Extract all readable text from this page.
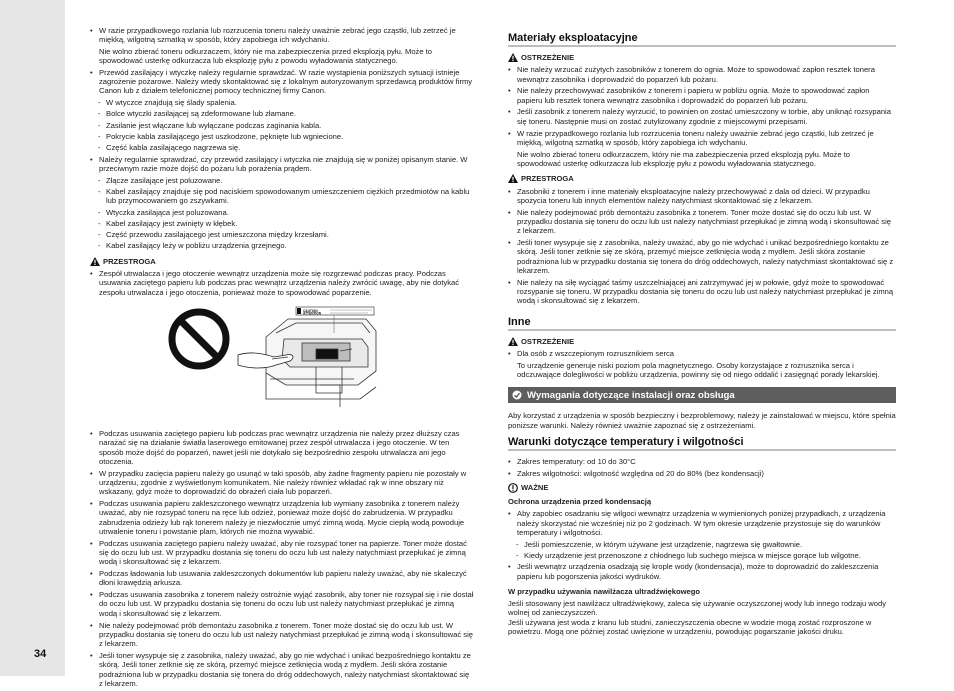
34
• W razie przypadkowego rozlania lub rozrzucenia toneru należy uważnie zebrać jego cząstki, lub zetrzeć je miękką, wilgotną szmatką w sposób, który zapobiega ich wdychaniu.
Nie wolno zbierać toneru odkurzaczem, który nie ma zabezpieczenia przed eksplozją pyłu. Może to spowodować usterkę odkurzacza lub eksplozję pyłu z powodu wyładowania statycznego.
• Przewód zasilający i wtyczkę należy regularnie sprawdzać. W razie wystąpienia poniższych sytuacji istnieje zagrożenie pożarowe. Należy wtedy skontaktować się z lokalnym autoryzowanym sprzedawcą produktów firmy Canon lub z działem telefonicznej pomocy technicznej firmy Canon.
- W wtyczce znajdują się ślady spalenia.
- Bolce wtyczki zasilającej są zdeformowane lub złamane.
- Zasilanie jest włączane lub wyłączane podczas zaginania kabla.
- Pokrycie kabla zasilającego jest uszkodzone, pęknięte lub wgniecione.
- Część kabla zasilającego nagrzewa się.
• Należy regularnie sprawdzać, czy przewód zasilający i wtyczka nie znajdują się w poniżej opisanym stanie. W przeciwnym razie może dojść do pożaru lub porażenia prądem.
- Złącze zasilające jest poluzowane.
- Kabel zasilający znajduje się pod naciskiem spowodowanym umieszczeniem ciężkich przedmiotów na kablu lub przymocowaniem go zszywkami.
- Wtyczka zasilająca jest poluzowana.
- Kabel zasilający jest zwinięty w kłębek.
- Część przewodu zasilającego jest umieszczona między krzesłami.
- Kabel zasilający leży w pobliżu urządzenia grzejnego.
PRZESTROGA
• Zespół utrwalacza i jego otoczenie wewnątrz urządzenia może się rozgrzewać podczas pracy. Podczas usuwania zaciętego papieru lub podczas prac wewnątrz urządzenia należy zwrócić uwagę, aby nie dotykać zespołu utrwalacza i jego otoczenia, ponieważ może to spowodować poparzenie.
CAUTION
ATTENTION
• Podczas usuwania zaciętego papieru lub podczas prac wewnątrz urządzenia nie należy przez dłuższy czas narażać się na działanie światła laserowego emitowanej przez zespół utrwalacza i jego otoczenie. W ten sposób może dojść do poparzeń, nawet jeśli nie dotykało się bezpośrednio zespołu utrwalacza ani jego otoczenia.
• W przypadku zacięcia papieru należy go usunąć w taki sposób, aby żadne fragmenty papieru nie pozostały w urządzeniu, zgodnie z wyświetlonym komunikatem. Nie należy również wkładać rąk w inne obszary niż wskazany, gdyż może to doprowadzić do obrażeń ciała lub poparzeń.
• Podczas usuwania papieru zakleszczonego wewnątrz urządzenia lub wymiany zasobnika z tonerem należy uważać, aby nie rozsypać toneru na ręce lub odzież, ponieważ może dojść do zabrudzenia. W przypadku zabrudzenia odzieży lub rąk tonerem należy je niezwłocznie umyć zimną wodą. Mycie ciepłą wodą powoduje utrwalenie toneru i powstanie plam, których nie można wywabić.
• Podczas usuwania zaciętego papieru należy uważać, aby nie rozsypać toner na papierze. Toner może dostać się do oczu lub ust. W przypadku dostania się toneru do oczu lub ust należy natychmiast przepłukać je zimną wodą i skonsultować się z lekarzem.
• Podczas ładowania lub usuwania zakleszczonych dokumentów lub papieru należy uważać, aby nie skaleczyć dłoni krawędzią arkusza.
• Podczas usuwania zasobnika z tonerem należy ostrożnie wyjąć zasobnik, aby toner nie rozsypał się i nie dostał do oczu lub ust. W przypadku dostania się toneru do oczu lub ust należy natychmiast przepłukać je zimną wodą i skonsultować się z lekarzem.
• Nie należy podejmować prób demontażu zasobnika z tonerem. Toner może dostać się do oczu lub ust. W przypadku dostania się toneru do oczu lub ust należy natychmiast przepłukać je zimną wodą i skonsultować się z lekarzem.
• Jeśli toner wysypuje się z zasobnika, należy uważać, aby go nie wdychać i unikać bezpośredniego kontaktu ze skórą. Jeśli toner zetknie się ze skórą, przemyć miejsce zetknięcia wodą z mydłem. Jeśli skóra zostanie podrażniona lub w przypadku dostania się tonera do dróg oddechowych, należy natychmiast skontaktować się z lekarzem.
Materiały eksploatacyjne
OSTRZEŻENIE
• Nie należy wrzucać zużytych zasobników z tonerem do ognia. Może to spowodować zapłon resztek tonera wewnątrz zasobnika i doprowadzić do poparzeń lub pożaru.
• Nie należy przechowywać zasobników z tonerem i papieru w pobliżu ognia. Może to spowodować zapłon papieru lub resztek tonera wewnątrz zasobnika i doprowadzić do poparzeń lub pożaru.
• Jeśli zasobnik z tonerem należy wyrzucić, to powinien on zostać umieszczony w torbie, aby uniknąć rozsypania się toneru. Następnie musi on zostać zutylizowany zgodnie z miejscowymi przepisami.
• W razie przypadkowego rozlania lub rozrzucenia toneru należy uważnie zebrać jego cząstki, lub zetrzeć je miękką, wilgotną szmatką w sposób, który zapobiega ich wdychaniu.
Nie wolno zbierać toneru odkurzaczem, który nie ma zabezpieczenia przed eksplozją pyłu. Może to spowodować usterkę odkurzacza lub eksplozję pyłu z powodu wyładowania statycznego.
PRZESTROGA
• Zasobniki z tonerem i inne materiały eksploatacyjne należy przechowywać z dala od dzieci. W przypadku spożycia toneru lub innych elementów należy natychmiast skontaktować się z lekarzem.
• Nie należy podejmować prób demontażu zasobnika z tonerem. Toner może dostać się do oczu lub ust. W przypadku dostania się toneru do oczu lub ust należy natychmiast przepłukać je zimną wodą i skonsultować się z lekarzem.
• Jeśli toner wysypuje się z zasobnika, należy uważać, aby go nie wdychać i unikać bezpośredniego kontaktu ze skórą. Jeśli toner zetknie się ze skórą, przemyć miejsce zetknięcia wodą z mydłem. Jeśli skóra zostanie podrażniona lub w przypadku dostania się tonera do dróg oddechowych, należy natychmiast skontaktować się z lekarzem.
• Nie należy na siłę wyciągać taśmy uszczelniającej ani zatrzymywać jej w połowie, gdyż może to spowodować rozsypanie się toneru. W przypadku dostania się toneru do oczu lub ust należy natychmiast przepłukać je zimną wodą i skonsultować się z lekarzem.
Inne
OSTRZEŻENIE
• Dla osób z wszczepionym rozrusznikiem serca
To urządzenie generuje niski poziom pola magnetycznego. Osoby korzystające z rozrusznika serca i odczuwające dolegliwości w pobliżu urządzenia, powinny się od niego oddalić i zasięgnąć porady lekarskiej.
Wymagania dotyczące instalacji oraz obsługa
Aby korzystać z urządzenia w sposób bezpieczny i bezproblemowy, należy je zainstalować w miejscu, które spełnia poniższe warunki. Należy również uważnie zapoznać się z ostrzeżeniami.
Warunki dotyczące temperatury i wilgotności
• Zakres temperatury: od 10 do 30°C
• Zakres wilgotności: wilgotność względna od 20 do 80% (bez kondensacji)
WAŻNE
Ochrona urządzenia przed kondensacją
• Aby zapobiec osadzaniu się wilgoci wewnątrz urządzenia w wymienionych poniżej przypadkach, z urządzenia należy skorzystać nie wcześniej niż po 2 godzinach. W tym okresie urządzenie przystosuje się do warunków temperatury i wilgotności.
- Jeśli pomieszczenie, w którym używane jest urządzenie, nagrzewa się gwałtownie.
- Kiedy urządzenie jest przenoszone z chłodnego lub suchego miejsca w miejsce gorące lub wilgotne.
• Jeśli wewnątrz urządzenia osadzają się krople wody (kondensacja), może to doprowadzić do zakleszczenia papieru lub pogorszenia jakości wydruków.
W przypadku używania nawilżacza ultradźwiękowego
Jeśli stosowany jest nawilżacz ultradźwiękowy, zaleca się używanie oczyszczonej wody lub innego rodzaju wody wolnej od zanieczyszczeń.
Jeśli używana jest woda z kranu lub studni, zanieczyszczenia obecne w wodzie mogą zostać rozproszone w powietrzu. Mogą one później zostać uwięzione w urządzeniu, powodując pogarszanie jakości druku.
